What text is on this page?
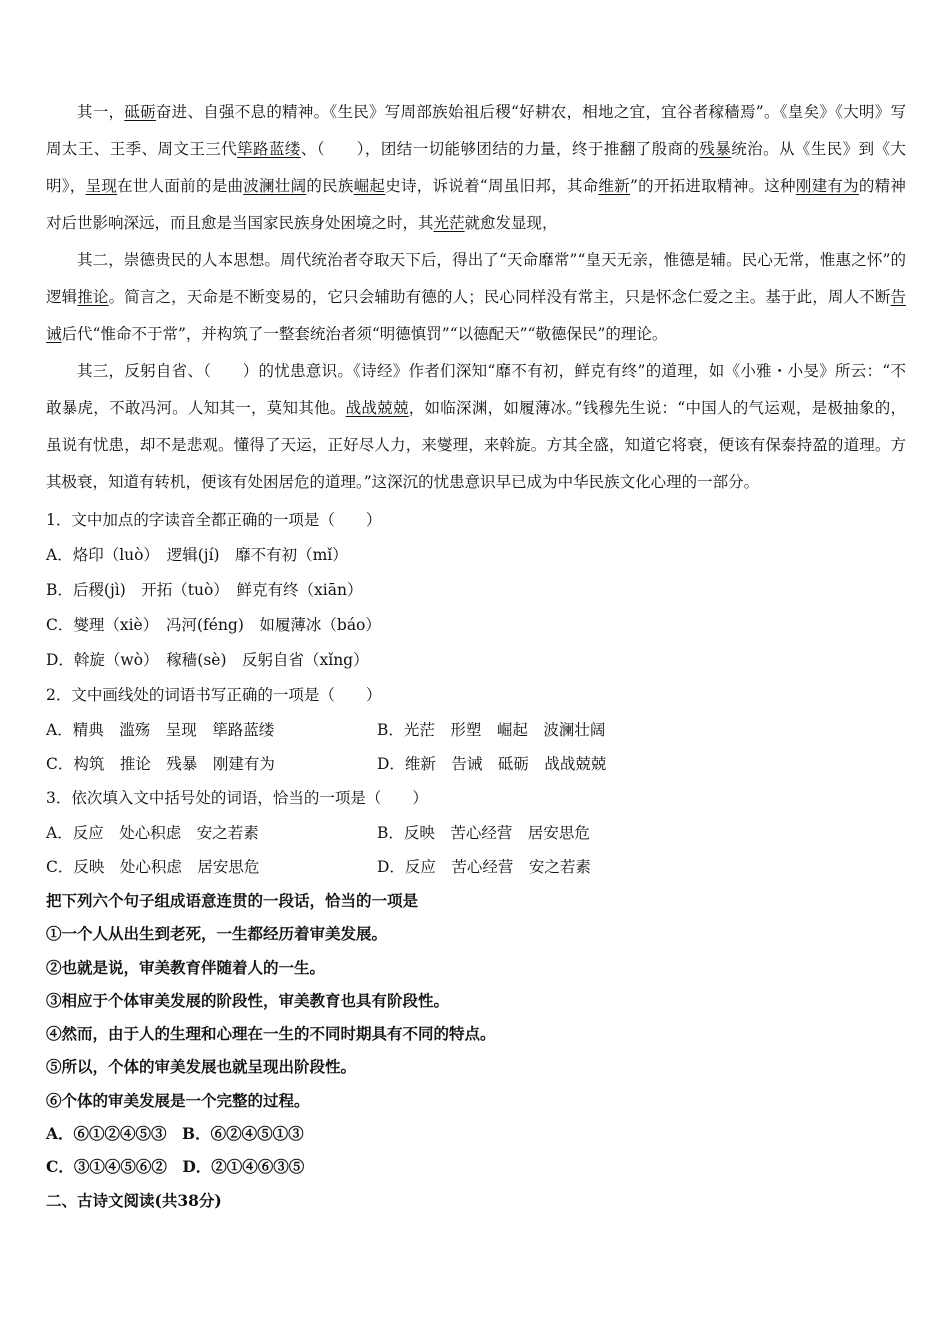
其一，砥砺奋进、自强不息的精神。《生民》写周部族始祖后稷“好耕农，相地之宜，宜谷者稼穑焉”。《皇矣》《大明》写周太王、王季、周文王三代筚路蓝缕、（　　），团结一切能够团结的力量，终于推翻了殷商的残暴统治。从《生民》到《大明》，呈现在世人面前的是曲波澜壮阔的民族崛起史诗，诉说着“周虽旧邦，其命维新”的开拓进取精神。这种刚建有为的精神对后世影响深远，而且愈是当国家民族身处困境之时，其光茫就愈发显现，

其二，崇德贵民的人本思想。周代统治者夺取天下后，得出了“天命靡常”“皇天无亲，惟德是辅。民心无常，惟惠之怀”的逻辑推论。简言之，天命是不断变易的，它只会辅助有德的人；民心同样没有常主，只是怀念仁爱之主。基于此，周人不断告诫后代“惟命不于常”，并构筑了一整套统治者须“明德慎罚”“以德配天”“敬德保民”的理论。

其三，反躬自省、（　　）的忧患意识。《诗经》作者们深知“靡不有初，鲜克有终”的道理，如《小雅・小旻》所云：“不敢暴虎，不敢冯河。人知其一，莫知其他。战战兢兢，如临深渊，如履薄冰。”钱穆先生说：“中国人的气运观，是极抽象的，虽说有忧患，却不是悲观。懂得了天运，正好尽人力，来燮理，来斡旋。方其全盛，知道它将衰，便该有保泰持盈的道理。方其极衰，知道有转机，便该有处困居危的道理。”这深沉的忧患意识早已成为中华民族文化心理的一部分。

1．文中加点的字读音全都正确的一项是（　　）
A．烙印（luò）　逻辑(jí)　靡不有初（mǐ）
B．后稷(jì)　开拓（tuò）　鲜克有终（xiān）
C．燮理（xiè）　冯河(féng)　如履薄冰（báo）
D．斡旋（wò）　稼穑(sè)　反躬自省（xǐng）
2．文中画线处的词语书写正确的一项是（　　）
A．精典　滥殇　呈现　筚路蓝缕	B．光茫　形塑　崛起　波澜壮阔
C．构筑　推论　残暴　刚建有为	D．维新　告诫　砥砺　战战兢兢
3．依次填入文中括号处的词语，恰当的一项是（　　）
A．反应　处心积虑　安之若素	B．反映　苦心经营　居安思危
C．反映　处心积虑　居安思危	D．反应　苦心经营　安之若素
把下列六个句子组成语意连贯的一段话，恰当的一项是
①一个人从出生到老死，一生都经历着审美发展。
②也就是说，审美教育伴随着人的一生。
③相应于个体审美发展的阶段性，审美教育也具有阶段性。
④然而，由于人的生理和心理在一生的不同时期具有不同的特点。
⑤所以，个体的审美发展也就呈现出阶段性。
⑥个体的审美发展是一个完整的过程。
A．⑥①②④⑤③　B．⑥②④⑤①③
C．③①④⑤⑥②　D．②①④⑥③⑤
二、古诗文阅读(共38分)
